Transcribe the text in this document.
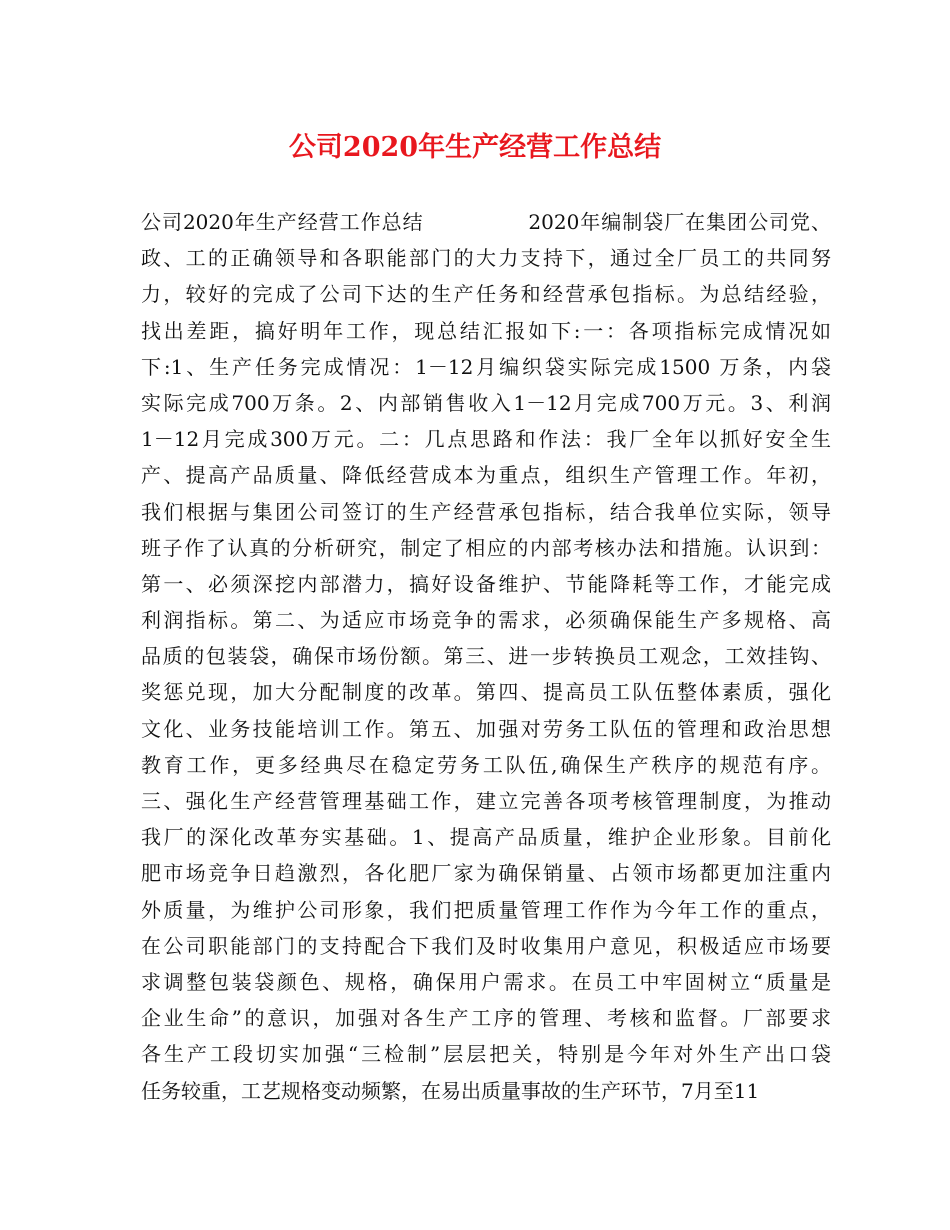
公司2020年生产经营工作总结
公司2020年生产经营工作总结　　　　　2020年编制袋厂在集团公司党、
政、工的正确领导和各职能部门的大力支持下，通过全厂员工的共同努
力，较好的完成了公司下达的生产任务和经营承包指标。为总结经验，
找出差距，搞好明年工作，现总结汇报如下:一：各项指标完成情况如
下:1、生产任务完成情况：1－12月编织袋实际完成1500 万条，内袋
实际完成700万条。2、内部销售收入1－12月完成700万元。3、利润
1－12月完成300万元。二：几点思路和作法：我厂全年以抓好安全生
产、提高产品质量、降低经营成本为重点，组织生产管理工作。年初，
我们根据与集团公司签订的生产经营承包指标，结合我单位实际，领导
班子作了认真的分析研究，制定了相应的内部考核办法和措施。认识到：
第一、必须深挖内部潜力，搞好设备维护、节能降耗等工作，才能完成
利润指标。第二、为适应市场竞争的需求，必须确保能生产多规格、高
品质的包装袋，确保市场份额。第三、进一步转换员工观念，工效挂钩、
奖惩兑现，加大分配制度的改革。第四、提高员工队伍整体素质，强化
文化、业务技能培训工作。第五、加强对劳务工队伍的管理和政治思想
教育工作，更多经典尽在稳定劳务工队伍,确保生产秩序的规范有序。
三、强化生产经营管理基础工作，建立完善各项考核管理制度，为推动
我厂的深化改革夯实基础。1、提高产品质量，维护企业形象。目前化
肥市场竞争日趋激烈，各化肥厂家为确保销量、占领市场都更加注重内
外质量，为维护公司形象，我们把质量管理工作作为今年工作的重点，
在公司职能部门的支持配合下我们及时收集用户意见，积极适应市场要
求调整包装袋颜色、规格，确保用户需求。在员工中牢固树立“质量是
企业生命”的意识，加强对各生产工序的管理、考核和监督。厂部要求
各生产工段切实加强“三检制”层层把关，特别是今年对外生产出口袋
任务较重，工艺规格变动频繁，在易出质量事故的生产环节，7月至11
